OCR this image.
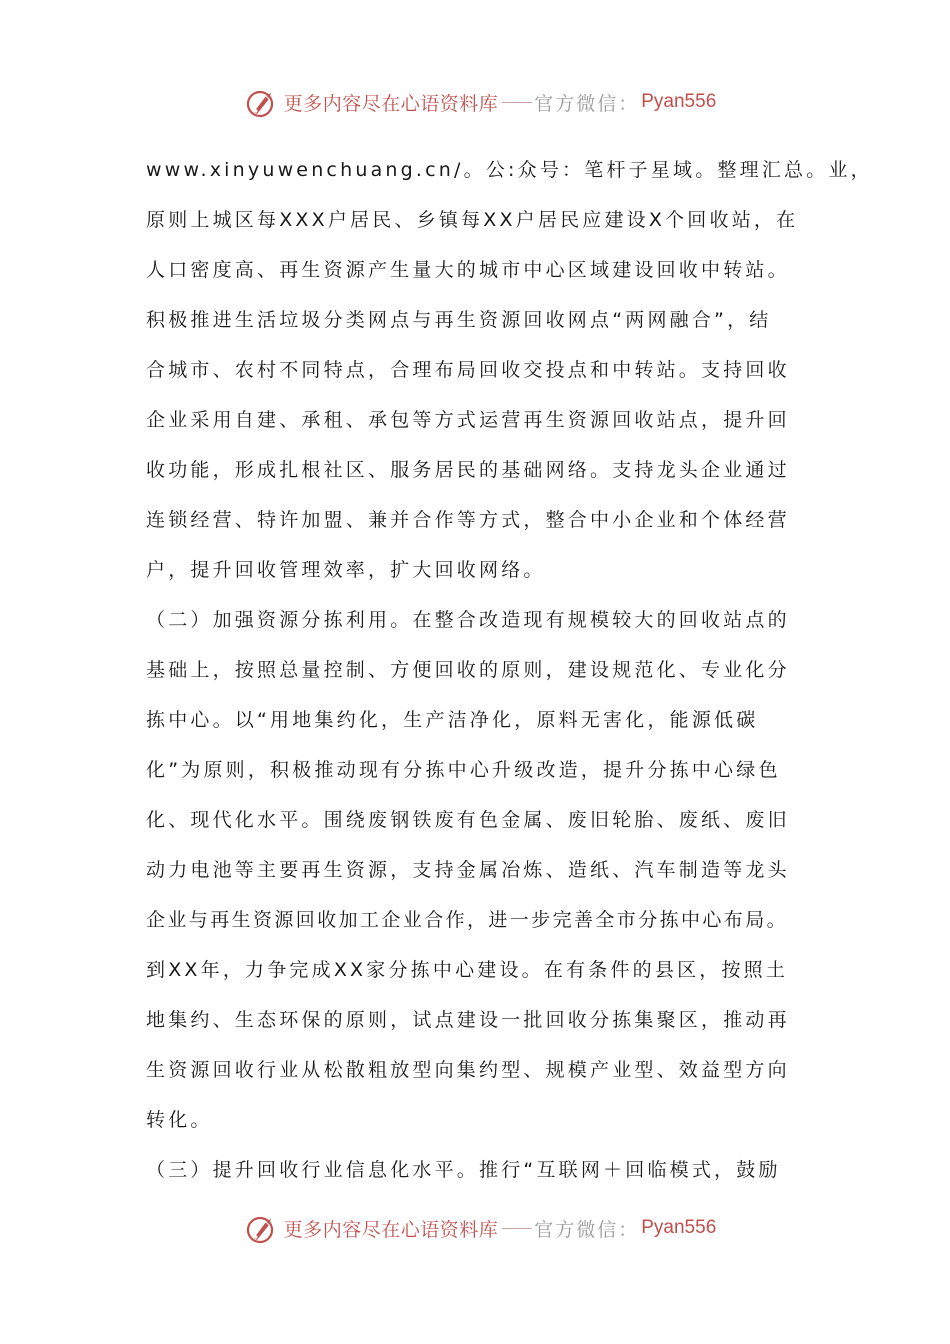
更多内容尽在心语资料库 官方微信： Pyan556
www.xinyuwenchuang.cn/。公:众号：笔杆子星域。整理汇总。业，
原则上城区每XXX户居民、乡镇每XX户居民应建设X个回收站，在
人口密度高、再生资源产生量大的城市中心区域建设回收中转站。
积极推进生活垃圾分类网点与再生资源回收网点“两网融合”，结
合城市、农村不同特点，合理布局回收交投点和中转站。支持回收
企业采用自建、承租、承包等方式运营再生资源回收站点，提升回
收功能，形成扎根社区、服务居民的基础网络。支持龙头企业通过
连锁经营、特许加盟、兼并合作等方式，整合中小企业和个体经营
户，提升回收管理效率，扩大回收网络。
（二）加强资源分拣利用。在整合改造现有规模较大的回收站点的
基础上，按照总量控制、方便回收的原则，建设规范化、专业化分
拣中心。以“用地集约化，生产洁净化，原料无害化，能源低碳
化”为原则，积极推动现有分拣中心升级改造，提升分拣中心绿色
化、现代化水平。围绕废钢铁废有色金属、废旧轮胎、废纸、废旧
动力电池等主要再生资源，支持金属冶炼、造纸、汽车制造等龙头
企业与再生资源回收加工企业合作，进一步完善全市分拣中心布局。
到XX年，力争完成XX家分拣中心建设。在有条件的县区，按照土
地集约、生态环保的原则，试点建设一批回收分拣集聚区，推动再
生资源回收行业从松散粗放型向集约型、规模产业型、效益型方向
转化。
（三）提升回收行业信息化水平。推行“互联网＋回临模式，鼓励
更多内容尽在心语资料库 官方微信： Pyan556
